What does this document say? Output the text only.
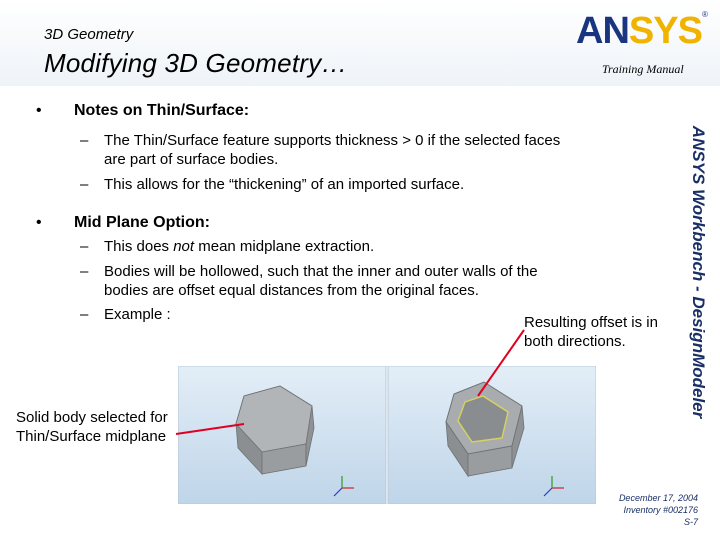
3D Geometry
Modifying 3D Geometry…
ANSYS ®
Training Manual
• Notes on Thin/Surface:
– The Thin/Surface feature supports thickness > 0 if the selected faces
are part of surface bodies.
– This allows for the “thickening” of an imported surface.
• Mid Plane Option:
– This does not mean midplane extraction.
– Bodies will be hollowed, such that the inner and outer walls of the
bodies are offset equal distances from the original faces.
– Example :	ANSYS Workbench - DesignModeler
Solid body selected for
Thin/Surface midplane
Resulting offset is in
both directions.
December 17, 2004
Inventory #002176
S-7
